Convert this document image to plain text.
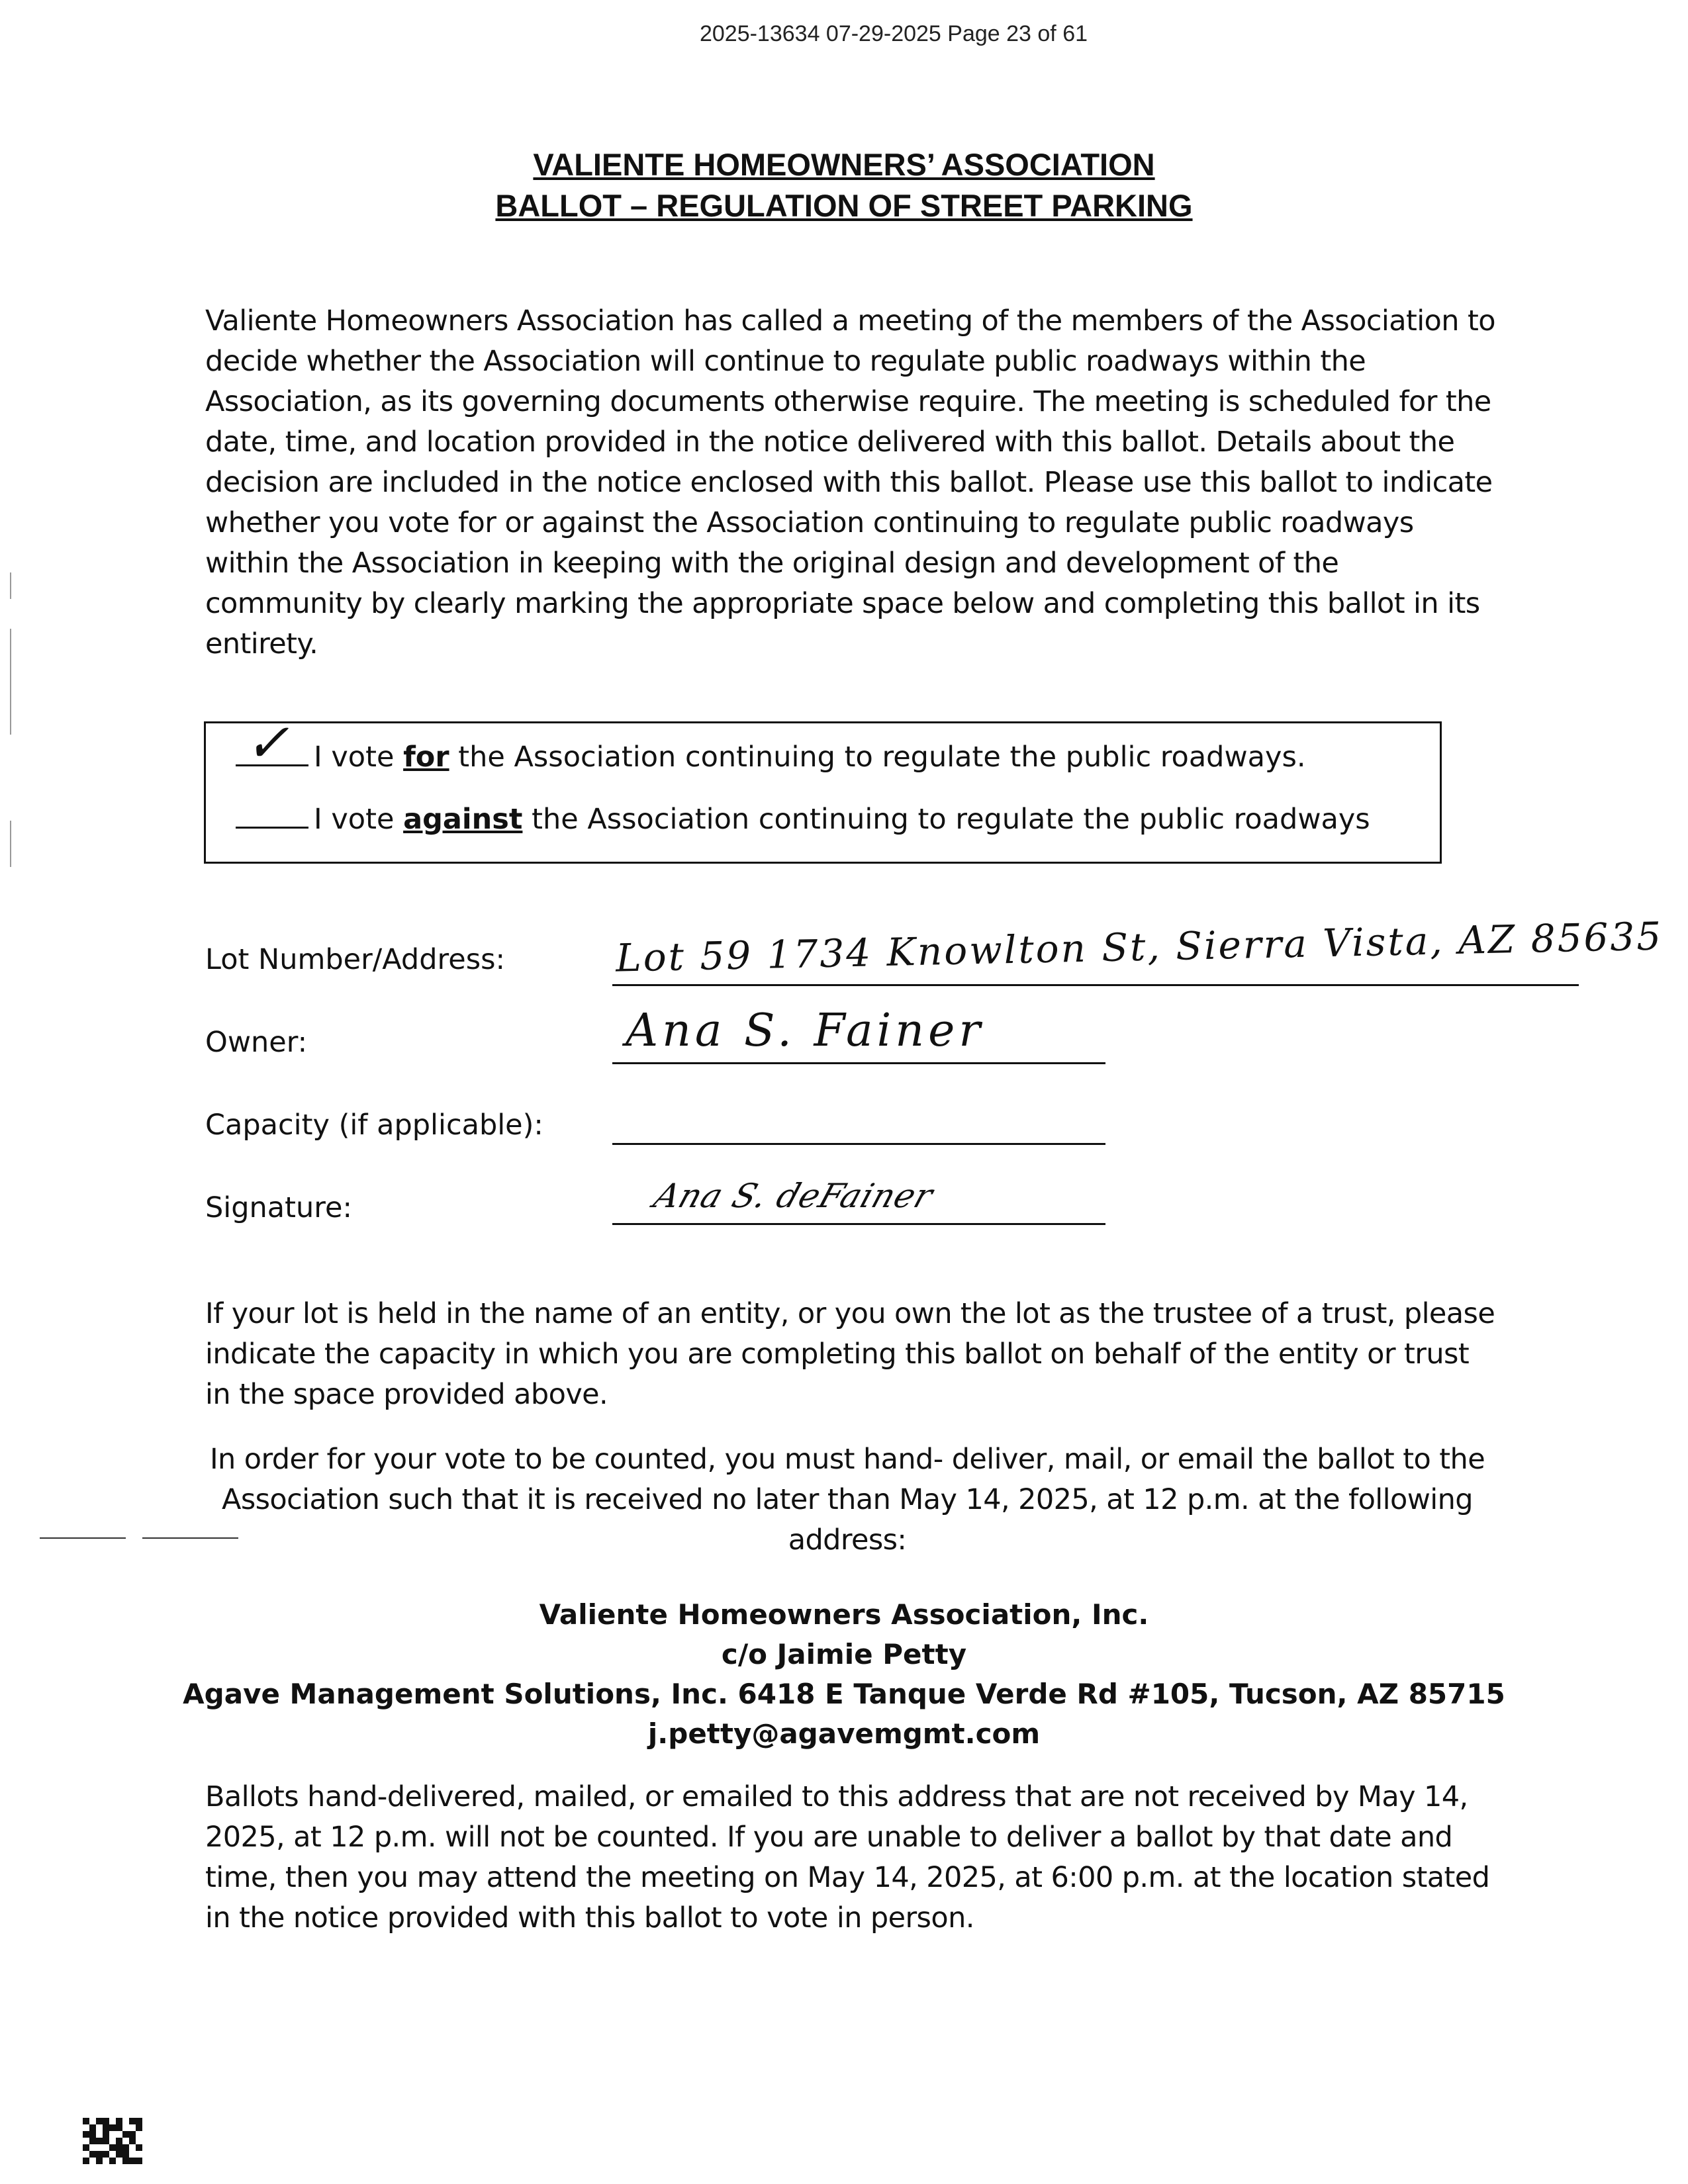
2025-13634 07-29-2025 Page 23 of 61
VALIENTE HOMEOWNERS’ ASSOCIATION
BALLOT – REGULATION OF STREET PARKING
Valiente Homeowners Association has called a meeting of the members of the Association to decide whether the Association will continue to regulate public roadways within the Association, as its governing documents otherwise require. The meeting is scheduled for the date, time, and location provided in the notice delivered with this ballot. Details about the decision are included in the notice enclosed with this ballot. Please use this ballot to indicate whether you vote for or against the Association continuing to regulate public roadways within the Association in keeping with the original design and development of the community by clearly marking the appropriate space below and completing this ballot in its entirety.
✓ I vote for the Association continuing to regulate the public roadways.
I vote against the Association continuing to regulate the public roadways
Lot Number/Address:	Lot 59 1734 Knowlton St, Sierra Vista, AZ 85635
Owner:	Ana S. Fainer
Capacity (if applicable):
Signature:	Ana S. deFainer
If your lot is held in the name of an entity, or you own the lot as the trustee of a trust, please indicate the capacity in which you are completing this ballot on behalf of the entity or trust in the space provided above.
In order for your vote to be counted, you must hand- deliver, mail, or email the ballot to the Association such that it is received no later than May 14, 2025, at 12 p.m. at the following address:
Valiente Homeowners Association, Inc.
c/o Jaimie Petty
Agave Management Solutions, Inc. 6418 E Tanque Verde Rd #105, Tucson, AZ 85715
j.petty@agavemgmt.com
Ballots hand-delivered, mailed, or emailed to this address that are not received by May 14, 2025, at 12 p.m. will not be counted. If you are unable to deliver a ballot by that date and time, then you may attend the meeting on May 14, 2025, at 6:00 p.m. at the location stated in the notice provided with this ballot to vote in person.
